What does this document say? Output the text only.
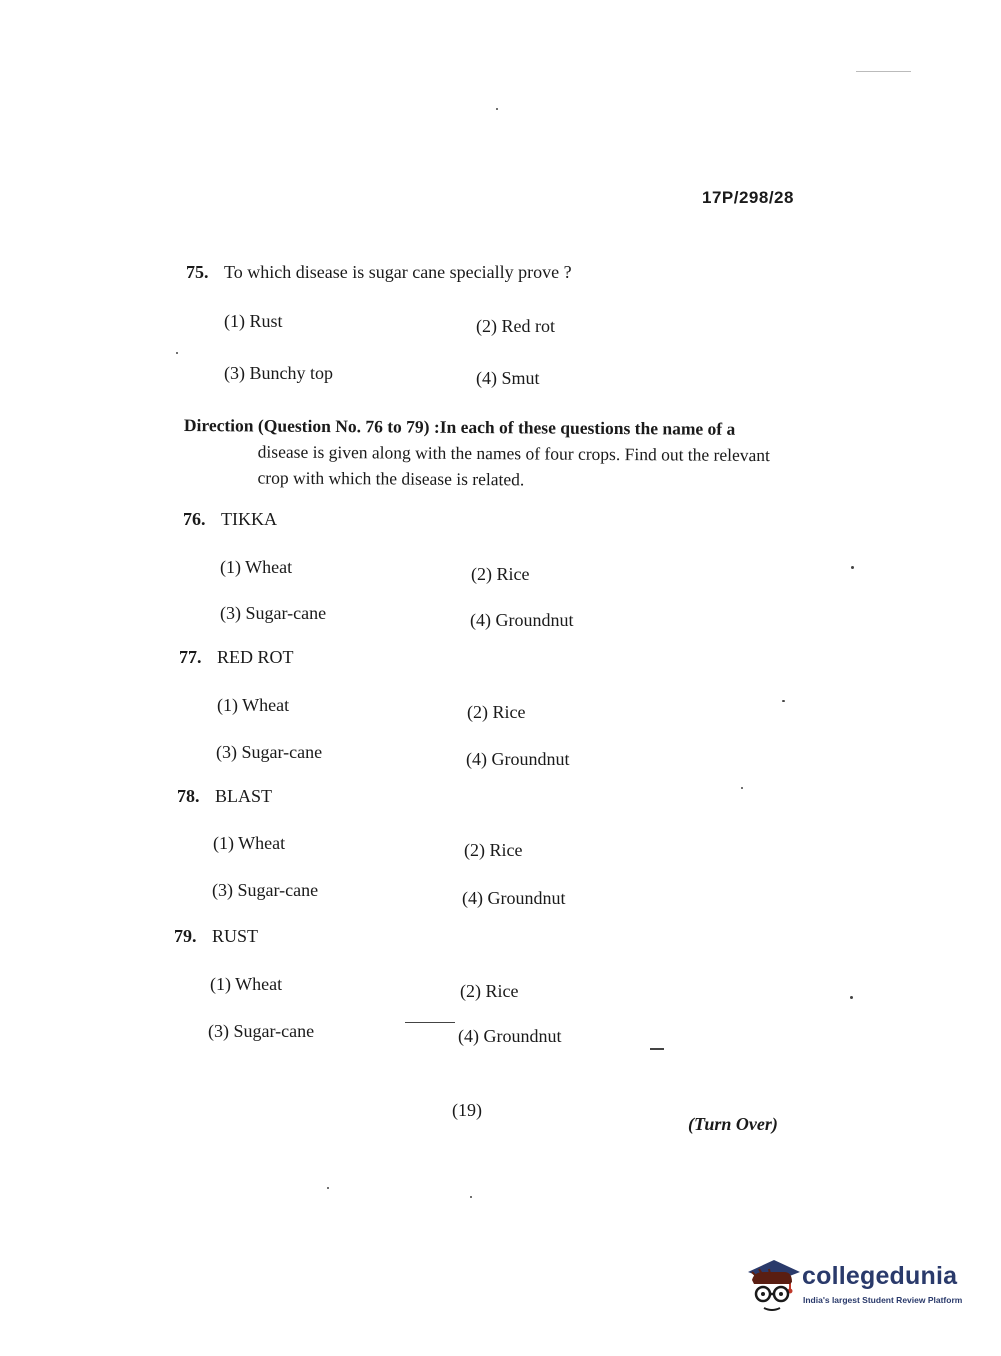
17P/298/28
75. To which disease is sugar cane specially prove ?
(1) Rust	(2) Red rot
(3) Bunchy top	(4) Smut
Direction (Question No. 76 to 79) :In each of these questions the name of a
disease is given along with the names of four crops. Find out the relevant crop with which the disease is related.
76. TIKKA
(1) Wheat	(2) Rice
(3) Sugar-cane	(4) Groundnut
77. RED ROT
(1) Wheat	(2) Rice
(3) Sugar-cane	(4) Groundnut
78. BLAST
(1) Wheat	(2) Rice
(3) Sugar-cane	(4) Groundnut
79. RUST
(1) Wheat	(2) Rice
(3) Sugar-cane	(4) Groundnut
(19)
(Turn Over)
collegedunia
India's largest Student Review Platform
